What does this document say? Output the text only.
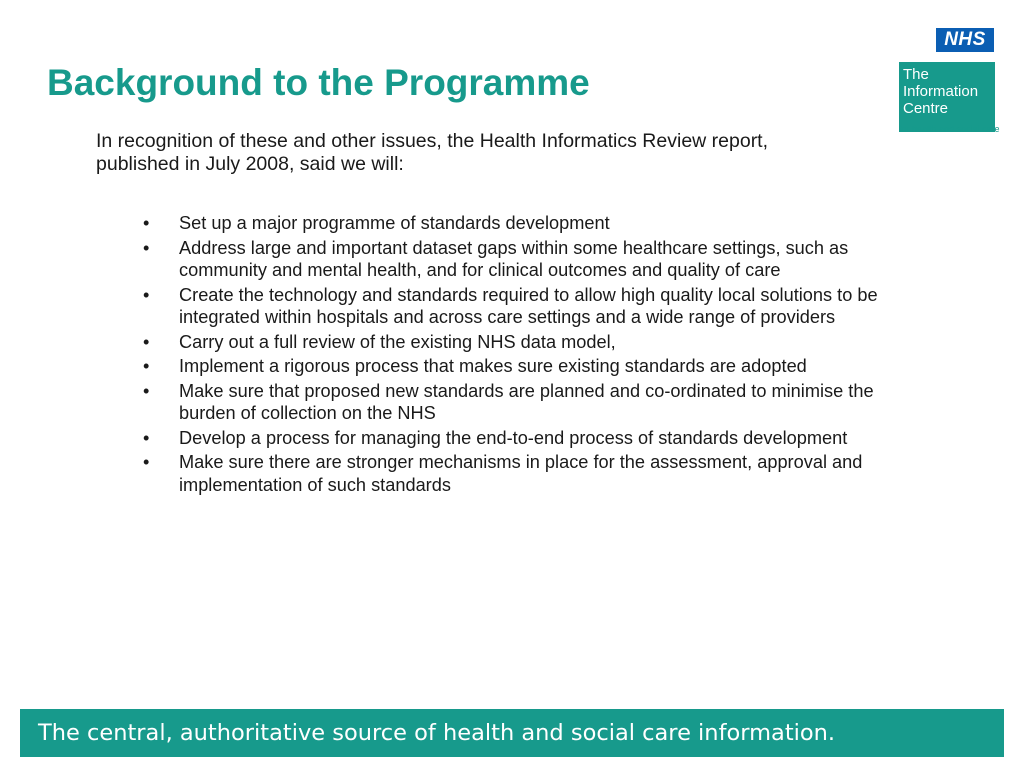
Background to the Programme
NHS
The
Information
Centre
for health and social care

In recognition of these and other issues, the Health Informatics Review report, published in July 2008, said we will:

• Set up a major programme of standards development
• Address large and important dataset gaps within some healthcare settings, such as community and mental health, and for clinical outcomes and quality of care
• Create the technology and standards required to allow high quality local solutions to be integrated within hospitals and across care settings and a wide range of providers
• Carry out a full review of the existing NHS data model,
• Implement a rigorous process that makes sure existing standards are adopted
• Make sure that proposed new standards are planned and co-ordinated to minimise the burden of collection on the NHS
• Develop a process for managing the end-to-end process of standards development
• Make sure there are stronger mechanisms in place for the assessment, approval and implementation of such standards

The central, authoritative source of health and social care information.
